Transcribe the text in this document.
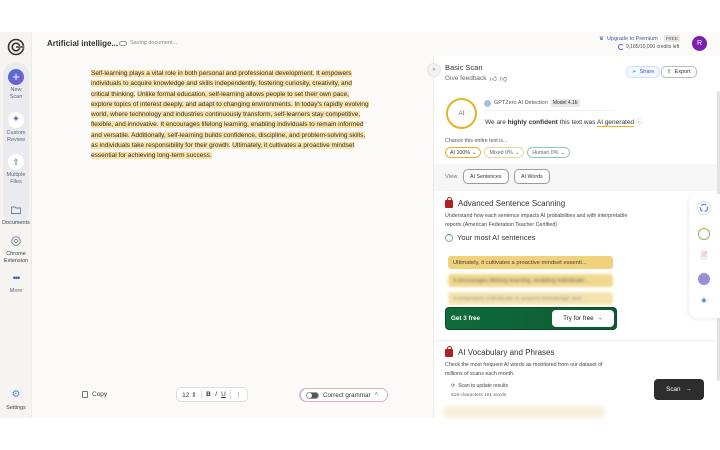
+
New
Scan
✦
Custom
Review
⇪
Multiple
Files
Documents
Chrome
Extension
•••
More
⚙
Settings
Artificial intellige... Saving document...
♛ Upgrade to Premium	FREE
9,185/10,000 credits left	R

Self-learning plays a vital role in both personal and professional development. It empowers individuals to acquire knowledge and skills independently, fostering curiosity, creativity, and critical thinking. Unlike formal education, self-learning allows people to set their own pace, explore topics of interest deeply, and adapt to changing environments. In today's rapidly evolving world, where technology and industries continuously transform, self-learners stay competitive, flexible, and innovative. It encourages lifelong learning, enabling individuals to remain informed and versatile. Additionally, self-learning builds confidence, discipline, and problem-solving skills, as individuals take responsibility for their growth. Ultimately, it cultivates a proactive mindset essential for achieving long-term success.

Copy	12 ⇕ B I U ⋮	Correct grammar ˄
»	Basic Scan
Give feedback 👍︎ 👎︎
➢ Share ⇧ Export
AI
GPTZero AI Detection	Model 4.1b
We are highly confident this text was AI generated ⓘ
Chance this entire text is...
AI 100% ⌄ Mixed 0% ⌄ Human 0% ⌄
View	AI Sentences	AI Words
Advanced Sentence Scanning
Understand how each sentence impacts AI probabilities and with interpretable reports (American Federation Teacher Certified)
Your most AI sentences
Ultimately, it cultivates a proactive mindset essenti...
It encourages lifelong learning, enabling individuals...
It empowers individuals to acquire knowledge and...
Get 3 free	Try for free →
AI Vocabulary and Phrases
Check the most frequent AI words as monitored from our dataset of millions of scans each month.
⟳ Scan to update results
819 characters 101 words
Scan →
🗎
✦
